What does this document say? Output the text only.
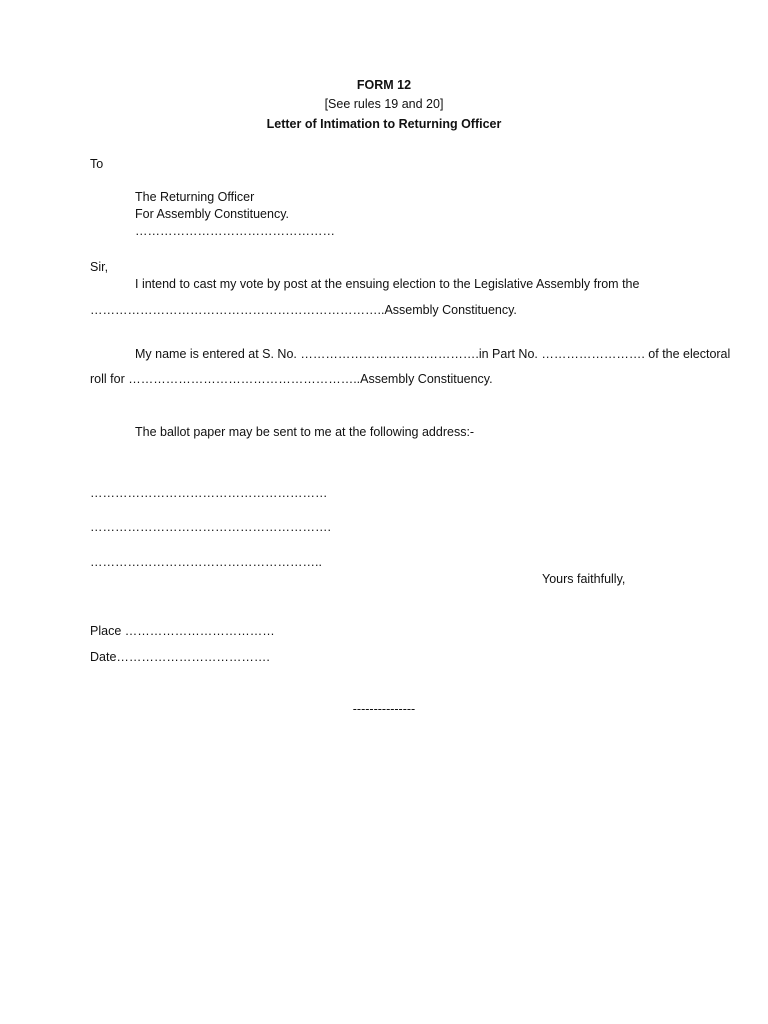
FORM 12
[See rules 19 and 20]
Letter of Intimation to Returning Officer
To
The Returning Officer
For Assembly Constituency.
…………………………………………
Sir,
I intend to cast my vote by post at the ensuing election to the Legislative Assembly from the
……………………………………………………………..Assembly Constituency.
My name is entered at S. No. …………………………………….in Part No. ……………………. of the electoral
roll for ………………………………………………..Assembly Constituency.
The ballot paper may be sent to me at the following address:-
…………………………………………………
………………………………………………….
………………………………………………..
Yours faithfully,
Place ………………………………
Date……………………………….
---------------
